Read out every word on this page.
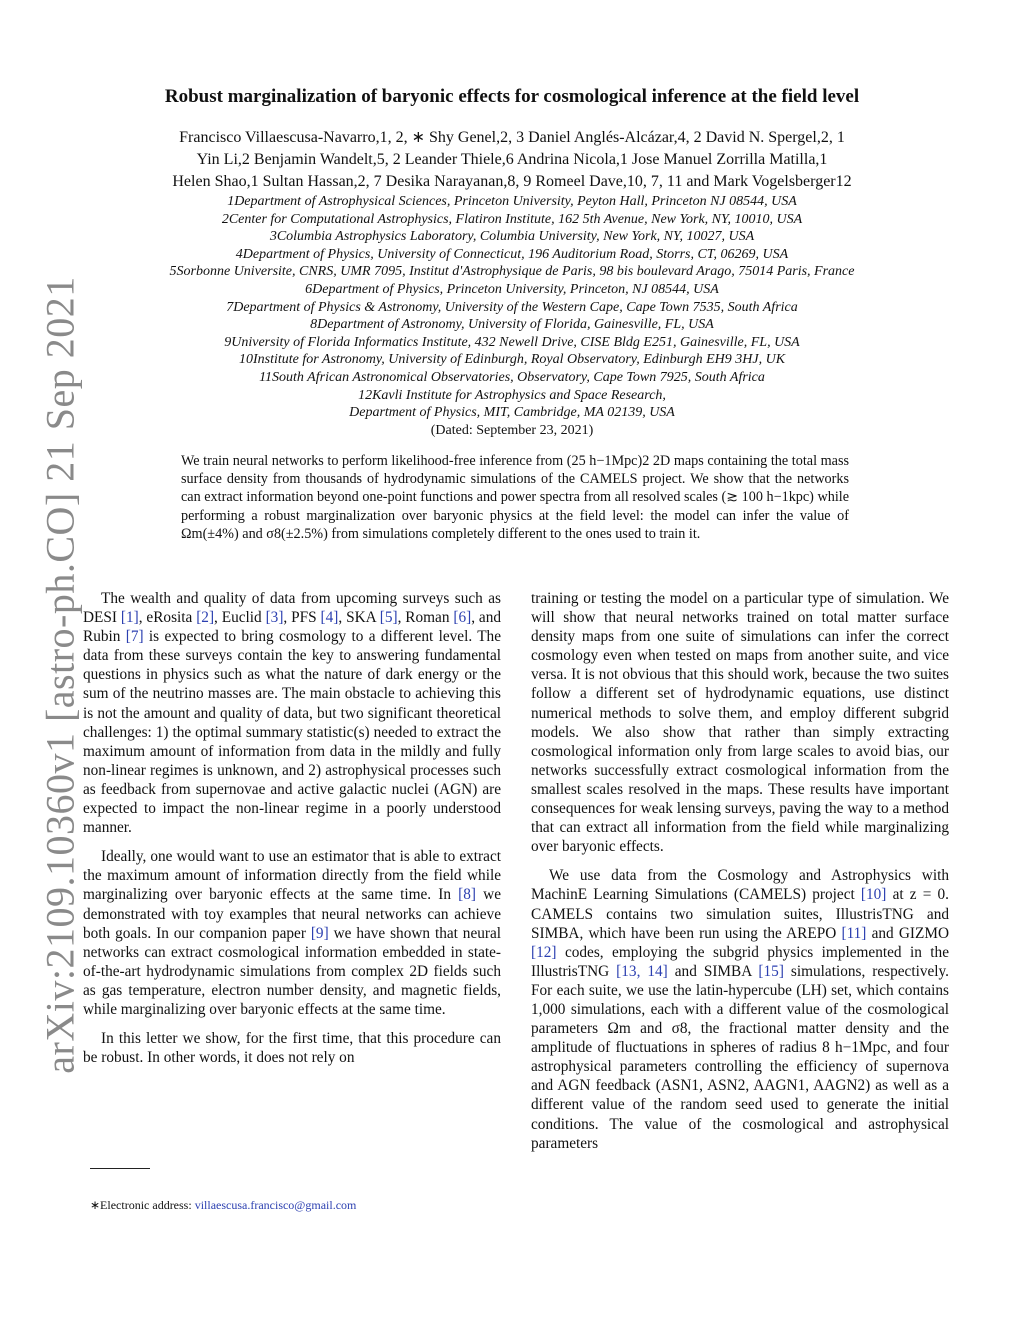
arXiv:2109.10360v1 [astro-ph.CO] 21 Sep 2021
Robust marginalization of baryonic effects for cosmological inference at the field level
Francisco Villaescusa-Navarro,1, 2, ∗ Shy Genel,2, 3 Daniel Anglés-Alcázar,4, 2 David N. Spergel,2, 1
Yin Li,2 Benjamin Wandelt,5, 2 Leander Thiele,6 Andrina Nicola,1 Jose Manuel Zorrilla Matilla,1
Helen Shao,1 Sultan Hassan,2, 7 Desika Narayanan,8, 9 Romeel Dave,10, 7, 11 and Mark Vogelsberger12
1Department of Astrophysical Sciences, Princeton University, Peyton Hall, Princeton NJ 08544, USA
2Center for Computational Astrophysics, Flatiron Institute, 162 5th Avenue, New York, NY, 10010, USA
3Columbia Astrophysics Laboratory, Columbia University, New York, NY, 10027, USA
4Department of Physics, University of Connecticut, 196 Auditorium Road, Storrs, CT, 06269, USA
5Sorbonne Universite, CNRS, UMR 7095, Institut d'Astrophysique de Paris, 98 bis boulevard Arago, 75014 Paris, France
6Department of Physics, Princeton University, Princeton, NJ 08544, USA
7Department of Physics & Astronomy, University of the Western Cape, Cape Town 7535, South Africa
8Department of Astronomy, University of Florida, Gainesville, FL, USA
9University of Florida Informatics Institute, 432 Newell Drive, CISE Bldg E251, Gainesville, FL, USA
10Institute for Astronomy, University of Edinburgh, Royal Observatory, Edinburgh EH9 3HJ, UK
11South African Astronomical Observatories, Observatory, Cape Town 7925, South Africa
12Kavli Institute for Astrophysics and Space Research,
Department of Physics, MIT, Cambridge, MA 02139, USA
(Dated: September 23, 2021)
We train neural networks to perform likelihood-free inference from (25 h−1Mpc)2 2D maps containing the total mass surface density from thousands of hydrodynamic simulations of the CAMELS project. We show that the networks can extract information beyond one-point functions and power spectra from all resolved scales (≳ 100 h−1kpc) while performing a robust marginalization over baryonic physics at the field level: the model can infer the value of Ωm(±4%) and σ8(±2.5%) from simulations completely different to the ones used to train it.

The wealth and quality of data from upcoming surveys such as DESI [1], eRosita [2], Euclid [3], PFS [4], SKA [5], Roman [6], and Rubin [7] is expected to bring cosmology to a different level. The data from these surveys contain the key to answering fundamental questions in physics such as what the nature of dark energy or the sum of the neutrino masses are. The main obstacle to achieving this is not the amount and quality of data, but two significant theoretical challenges: 1) the optimal summary statistic(s) needed to extract the maximum amount of information from data in the mildly and fully non-linear regimes is unknown, and 2) astrophysical processes such as feedback from supernovae and active galactic nuclei (AGN) are expected to impact the non-linear regime in a poorly understood manner.

Ideally, one would want to use an estimator that is able to extract the maximum amount of information directly from the field while marginalizing over baryonic effects at the same time. In [8] we demonstrated with toy examples that neural networks can achieve both goals. In our companion paper [9] we have shown that neural networks can extract cosmological information embedded in state-of-the-art hydrodynamic simulations from complex 2D fields such as gas temperature, electron number density, and magnetic fields, while marginalizing over baryonic effects at the same time.

In this letter we show, for the first time, that this procedure can be robust. In other words, it does not rely on

training or testing the model on a particular type of simulation. We will show that neural networks trained on total matter surface density maps from one suite of simulations can infer the correct cosmology even when tested on maps from another suite, and vice versa. It is not obvious that this should work, because the two suites follow a different set of hydrodynamic equations, use distinct numerical methods to solve them, and employ different subgrid models. We also show that rather than simply extracting cosmological information only from large scales to avoid bias, our networks successfully extract cosmological information from the smallest scales resolved in the maps. These results have important consequences for weak lensing surveys, paving the way to a method that can extract all information from the field while marginalizing over baryonic effects.

We use data from the Cosmology and Astrophysics with MachinE Learning Simulations (CAMELS) project [10] at z = 0. CAMELS contains two simulation suites, IllustrisTNG and SIMBA, which have been run using the AREPO [11] and GIZMO [12] codes, employing the subgrid physics implemented in the IllustrisTNG [13, 14] and SIMBA [15] simulations, respectively. For each suite, we use the latin-hypercube (LH) set, which contains 1,000 simulations, each with a different value of the cosmological parameters Ωm and σ8, the fractional matter density and the amplitude of fluctuations in spheres of radius 8 h−1Mpc, and four astrophysical parameters controlling the efficiency of supernova and AGN feedback (ASN1, ASN2, AAGN1, AAGN2) as well as a different value of the random seed used to generate the initial conditions. The value of the cosmological and astrophysical parameters

∗Electronic address: villaescusa.francisco@gmail.com
